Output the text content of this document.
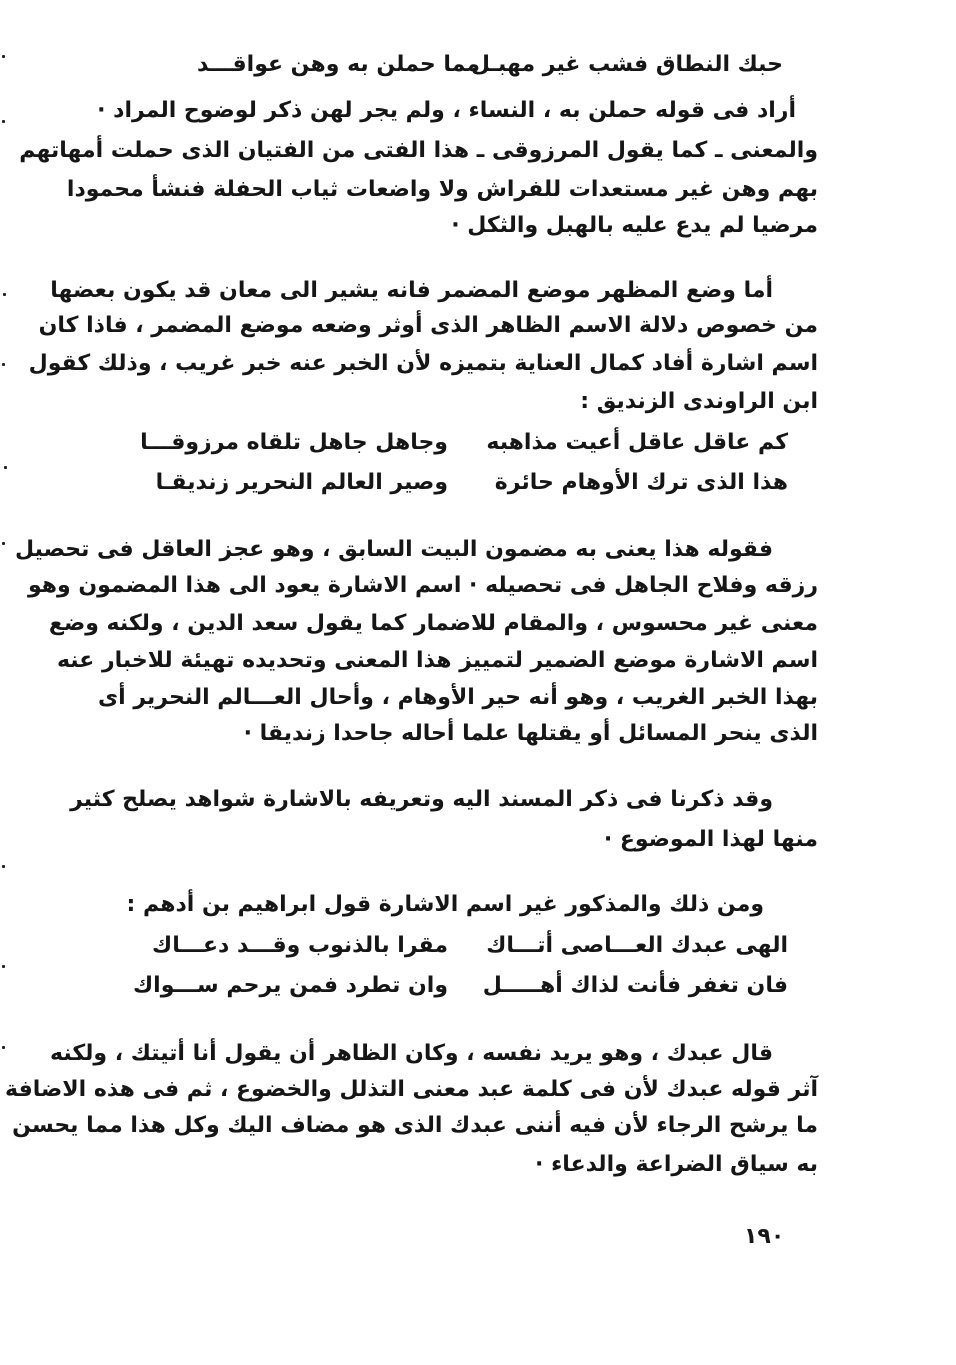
مما حملن به وهن عواقـــد
حبك النطاق فشب غير مهبـل
أراد فى قوله حملن به ، النساء ، ولم يجر لهن ذكر لوضوح المراد ·
والمعنى ـ كما يقول المرزوقى ـ هذا الفتى من الفتيان الذى حملت أمهاتهم
بهم وهن غير مستعدات للفراش ولا واضعات ثياب الحفلة فنشأ محمودا
مرضيا لم يدع عليه بالهبل والثكل ·
أما وضع المظهر موضع المضمر فانه يشير الى معان قد يكون بعضها
من خصوص دلالة الاسم الظاهر الذى أوثر وضعه موضع المضمر ، فاذا كان
اسم اشارة أفاد كمال العناية بتميزه لأن الخبر عنه خبر غريب ، وذلك كقول
ابن الراوندى الزنديق :
كم عاقل عاقل أعيت مذاهبه
وجاهل جاهل تلقاه مرزوقـــا
هذا الذى ترك الأوهام حائرة
وصير العالم النحرير زنديقـا
فقوله هذا يعنى به مضمون البيت السابق ، وهو عجز العاقل فى تحصيل
رزقه وفلاح الجاهل فى تحصيله · اسم الاشارة يعود الى هذا المضمون وهو
معنى غير محسوس ، والمقام للاضمار كما يقول سعد الدين ، ولكنه وضع
اسم الاشارة موضع الضمير لتمييز هذا المعنى وتحديده تهيئة للاخبار عنه
بهذا الخبر الغريب ، وهو أنه حير الأوهام ، وأحال العـــالم النحرير أى
الذى ينحر المسائل أو يقتلها علما أحاله جاحدا زنديقا ·
وقد ذكرنا فى ذكر المسند اليه وتعريفه بالاشارة شواهد يصلح كثير
منها لهذا الموضوع ·
ومن ذلك والمذكور غير اسم الاشارة قول ابراهيم بن أدهم :
الهى عبدك العـــاصى أتـــاك
مقرا بالذنوب وقـــد دعـــاك
فان تغفر فأنت لذاك أهـــــل
وان تطرد فمن يرحم ســـواك
قال عبدك ، وهو يريد نفسه ، وكان الظاهر أن يقول أنا أتيتك ، ولكنه
آثر قوله عبدك لأن فى كلمة عبد معنى التذلل والخضوع ، ثم فى هذه الاضافة
ما يرشح الرجاء لأن فيه أننى عبدك الذى هو مضاف اليك وكل هذا مما يحسن
به سياق الضراعة والدعاء ·
١٩٠
